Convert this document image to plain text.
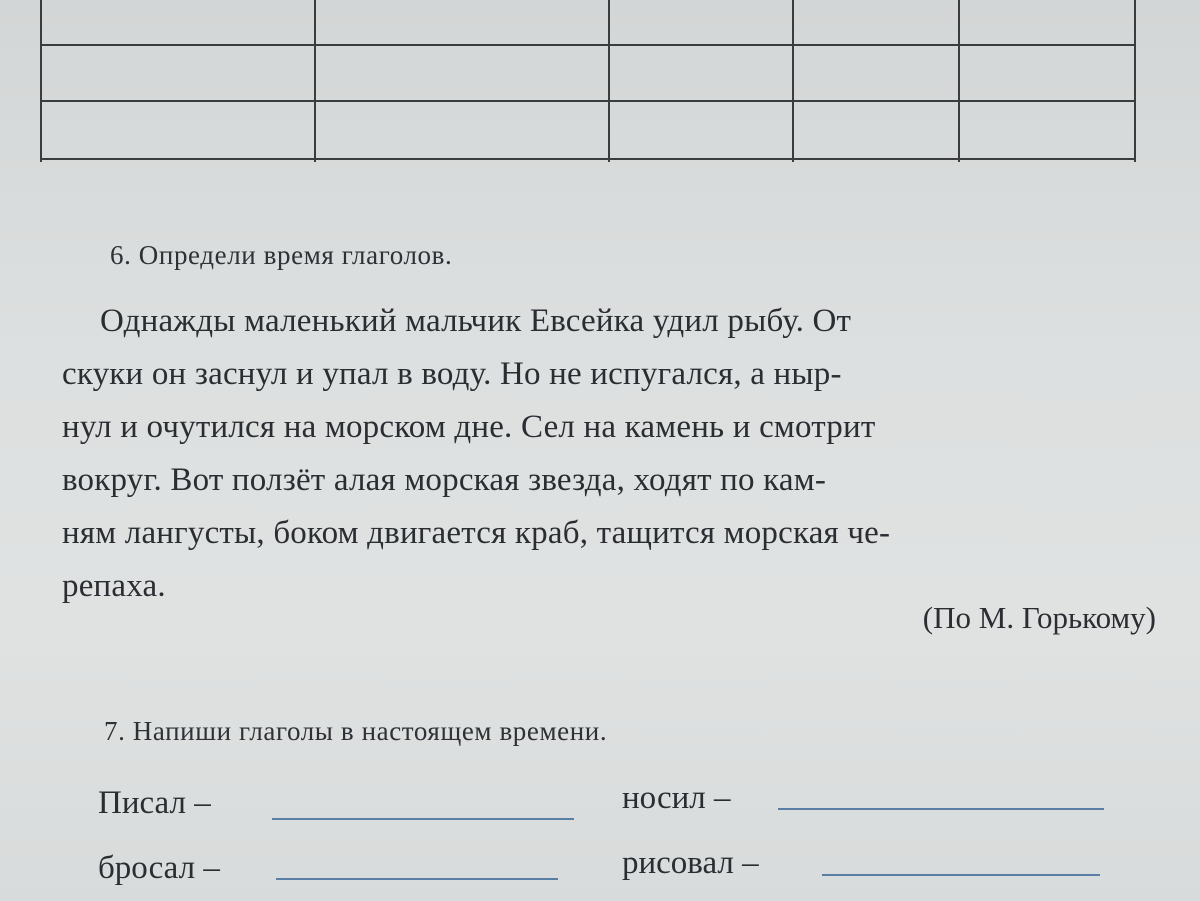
6. Определи время глаголов.
Однажды маленький мальчик Евсейка удил рыбу. От
скуки он заснул и упал в воду. Но не испугался, а ныр-
нул и очутился на морском дне. Сел на камень и смотрит
вокруг. Вот ползёт алая морская звезда, ходят по кам-
ням лангусты, боком двигается краб, тащится морская че-
репаха.
(По М. Горькому)
7. Напиши глаголы в настоящем времени.
Писал –	носил –
бросал –	рисовал –
